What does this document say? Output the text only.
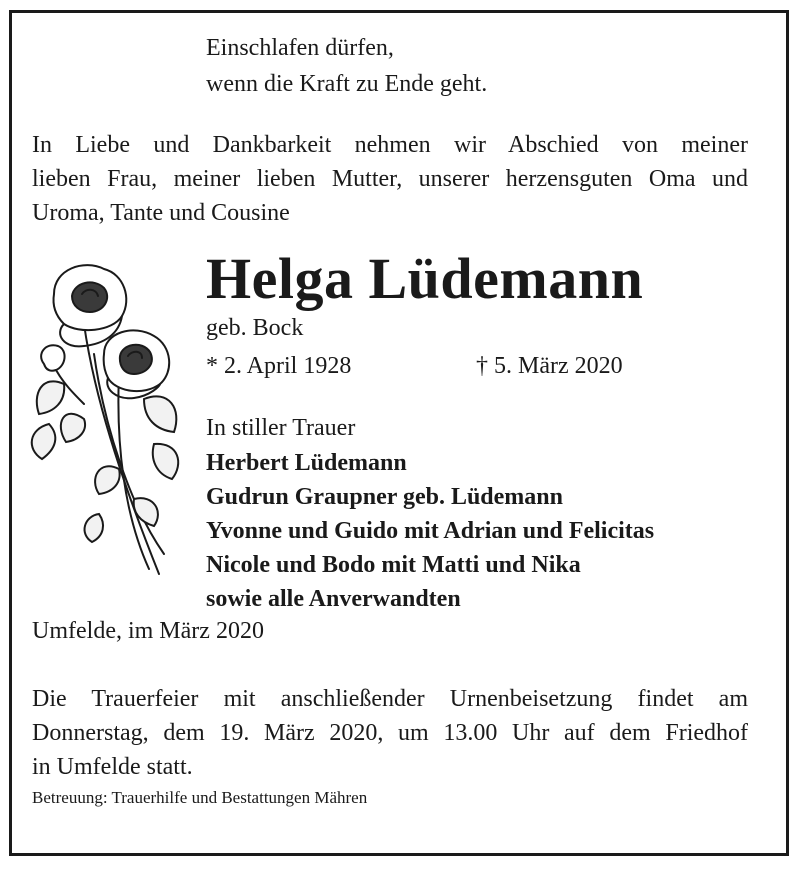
Einschlafen dürfen,
wenn die Kraft zu Ende geht.
In Liebe und Dankbarkeit nehmen wir Abschied von meiner
lieben Frau, meiner lieben Mutter, unserer herzensguten Oma und
Uroma, Tante und Cousine
Helga Lüdemann
geb. Bock
* 2. April 1928	† 5. März 2020
In stiller Trauer
Herbert Lüdemann
Gudrun Graupner geb. Lüdemann
Yvonne und Guido mit Adrian und Felicitas
Nicole und Bodo mit Matti und Nika
sowie alle Anverwandten
Umfelde, im März 2020
Die Trauerfeier mit anschließender Urnenbeisetzung findet am
Donnerstag, dem 19. März 2020, um 13.00 Uhr auf dem Friedhof
in Umfelde statt.
Betreuung: Trauerhilfe und Bestattungen Mähren
